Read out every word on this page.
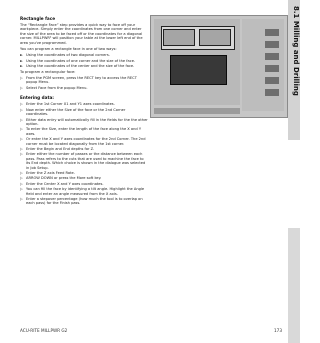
8.1 Milling and Drilling
Rectangle face
The “Rectangle Face” step provides a quick way to face off your workpiece. Simply enter the coordinates from one corner and enter the size of the area to be faced off or the coordinates for a diagonal corner. MILLPWR² will position your table at the lower left end of the area you've programmed.
You can program a rectangle face in one of two ways:
► Using the coordinates of two diagonal corners.
► Using the coordinates of one corner and the size of the face.
► Using the coordinates of the center and the size of the face.
To program a rectangular face:
▷ From the PGM screen, press the RECT key to access the RECT popup Menu.
▷ Select Face from the popup Menu.
Entering data:
▷ Enter the 1st Corner X1 and Y1 axes coordinates.
▷ Now enter either the Size of the face or the 2nd Corner coordinates.
▷ Either data entry will automatically fill in the fields for the the other option.
▷ To enter the Size, enter the length of the face along the X and Y axes.
▷ Or enter the X and Y axes coordinates for the 2nd Corner. The 2nd corner must be located diagonally from the 1st corner.
▷ Enter the Begin and End depths for Z.
▷ Enter either the number of passes or the distance between each pass. Pass refers to the cuts that are used to machine the face to its End depth. Which choice is shown in the dialogue was selected in Job Setup.
▷ Enter the Z axis Feed Rate.
▷ ARROW DOWN or press the More soft key.
▷ Enter the Center X and Y axes coordinates.
▷ You can fill the face by identifying a tilt angle. Highlight the Angle field and enter an angle measured from the X axis.
▷ Enter a stepover percentage (how much the tool is to overlap on each pass) for the Finish pass.
ACU-RITE MILLPWR G2	173
